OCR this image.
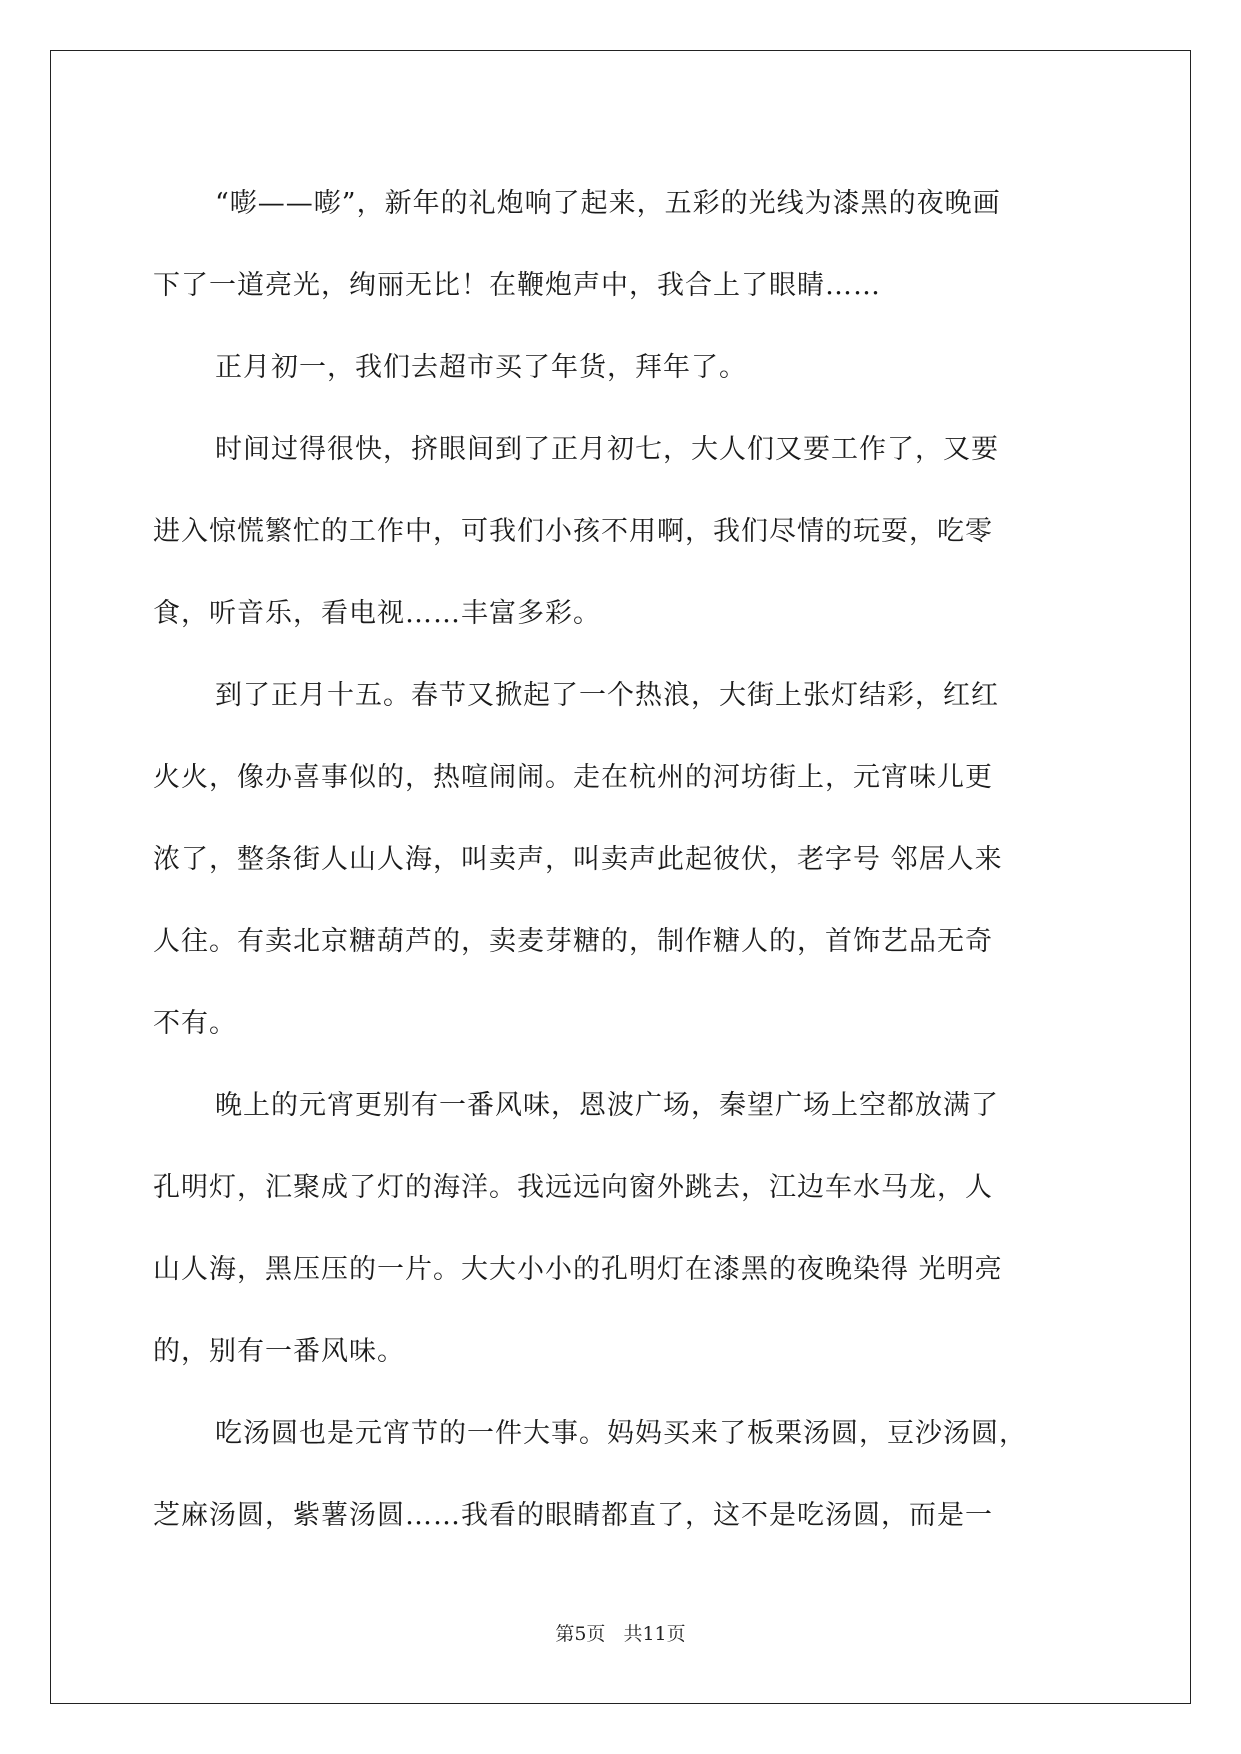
“嘭——嘭”，新年的礼炮响了起来，五彩的光线为漆黑的夜晚画
下了一道亮光，绚丽无比！在鞭炮声中，我合上了眼睛……

正月初一，我们去超市买了年货，拜年了。

时间过得很快，挤眼间到了正月初七，大人们又要工作了，又要
进入惊慌繁忙的工作中，可我们小孩不用啊，我们尽情的玩耍，吃零
食，听音乐，看电视……丰富多彩。

到了正月十五。春节又掀起了一个热浪，大街上张灯结彩，红红
火火，像办喜事似的，热喧闹闹。走在杭州的河坊街上，元宵味儿更
浓了，整条街人山人海，叫卖声，叫卖声此起彼伏，老字号 邻居人来
人往。有卖北京糖葫芦的，卖麦芽糖的，制作糖人的，首饰艺品无奇
不有。

晚上的元宵更别有一番风味，恩波广场，秦望广场上空都放满了
孔明灯，汇聚成了灯的海洋。我远远向窗外跳去，江边车水马龙，人
山人海，黑压压的一片。大大小小的孔明灯在漆黑的夜晚染得 光明亮
的，别有一番风味。

吃汤圆也是元宵节的一件大事。妈妈买来了板栗汤圆，豆沙汤圆，
芝麻汤圆，紫薯汤圆……我看的眼睛都直了，这不是吃汤圆，而是一

第5页 共11页
